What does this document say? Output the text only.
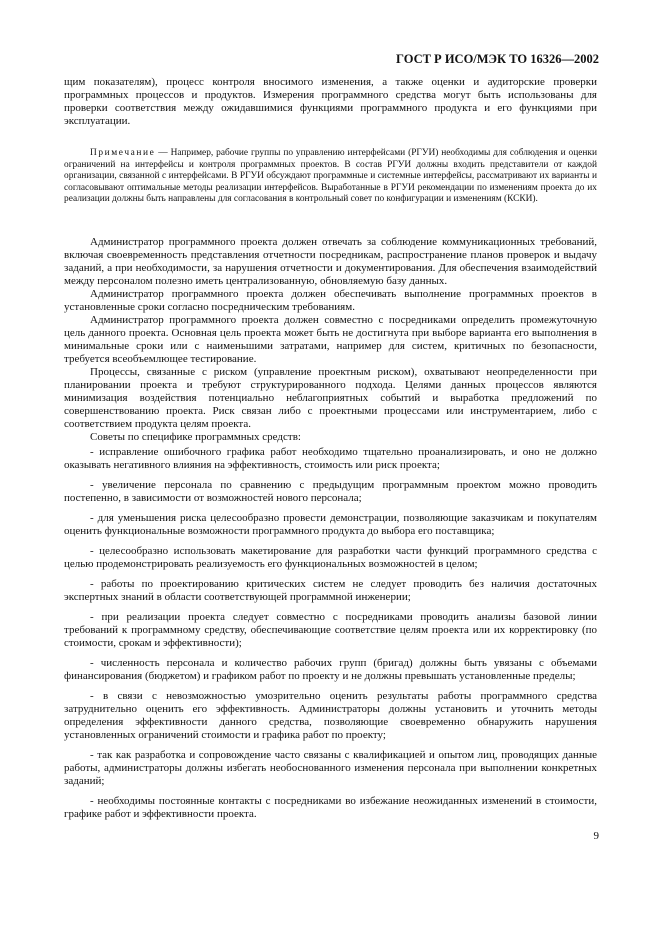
ГОСТ Р ИСО/МЭК ТО 16326—2002

щим показателям), процесс контроля вносимого изменения, а также оценки и аудиторские проверки программных процессов и продуктов. Измерения программного средства могут быть использованы для проверки соответствия между ожидавшимися функциями программного продукта и его функциями при эксплуатации.

Примечание — Например, рабочие группы по управлению интерфейсами (РГУИ) необходимы для соблюдения и оценки ограничений на интерфейсы и контроля программных проектов. В состав РГУИ должны входить представители от каждой организации, связанной с интерфейсами. В РГУИ обсуждают программные и системные интерфейсы, рассматривают их варианты и согласовывают оптимальные методы реализации интерфейсов. Выработанные в РГУИ рекомендации по изменениям проекта до их реализации должны быть направлены для согласования в контрольный совет по конфигурации и изменениям (КСКИ).

Администратор программного проекта должен отвечать за соблюдение коммуникационных требований, включая своевременность представления отчетности посредникам, распространение планов проверок и выдачу заданий, а при необходимости, за нарушения отчетности и документирования. Для обеспечения взаимодействий между персоналом полезно иметь централизованную, обновляемую базу данных.

Администратор программного проекта должен обеспечивать выполнение программных проектов в установленные сроки согласно посредническим требованиям.

Администратор программного проекта должен совместно с посредниками определить промежуточную цель данного проекта. Основная цель проекта может быть не достигнута при выборе варианта его выполнения в минимальные сроки или с наименьшими затратами, например для систем, критичных по безопасности, требуется всеобъемлющее тестирование.

Процессы, связанные с риском (управление проектным риском), охватывают неопределенности при планировании проекта и требуют структурированного подхода. Целями данных процессов являются минимизация воздействия потенциально неблагоприятных событий и выработка предложений по совершенствованию проекта. Риск связан либо с проектными процессами или инструментарием, либо с соответствием продукта целям проекта.

Советы по специфике программных средств:

- исправление ошибочного графика работ необходимо тщательно проанализировать, и оно не должно оказывать негативного влияния на эффективность, стоимость или риск проекта;

- увеличение персонала по сравнению с предыдущим программным проектом можно проводить постепенно, в зависимости от возможностей нового персонала;

- для уменьшения риска целесообразно провести демонстрации, позволяющие заказчикам и покупателям оценить функциональные возможности программного продукта до выбора его поставщика;

- целесообразно использовать макетирование для разработки части функций программного средства с целью продемонстрировать реализуемость его функциональных возможностей в целом;

- работы по проектированию критических систем не следует проводить без наличия достаточных экспертных знаний в области соответствующей программной инженерии;

- при реализации проекта следует совместно с посредниками проводить анализы базовой линии требований к программному средству, обеспечивающие соответствие целям проекта или их корректировку (по стоимости, срокам и эффективности);

- численность персонала и количество рабочих групп (бригад) должны быть увязаны с объемами финансирования (бюджетом) и графиком работ по проекту и не должны превышать установленные пределы;

- в связи с невозможностью умозрительно оценить результаты работы программного средства затруднительно оценить его эффективность. Администраторы должны установить и уточнить методы определения эффективности данного средства, позволяющие своевременно обнаружить нарушения установленных ограничений стоимости и графика работ по проекту;

- так как разработка и сопровождение часто связаны с квалификацией и опытом лиц, проводящих данные работы, администраторы должны избегать необоснованного изменения персонала при выполнении конкретных заданий;

- необходимы постоянные контакты с посредниками во избежание неожиданных изменений в стоимости, графике работ и эффективности проекта.

9
